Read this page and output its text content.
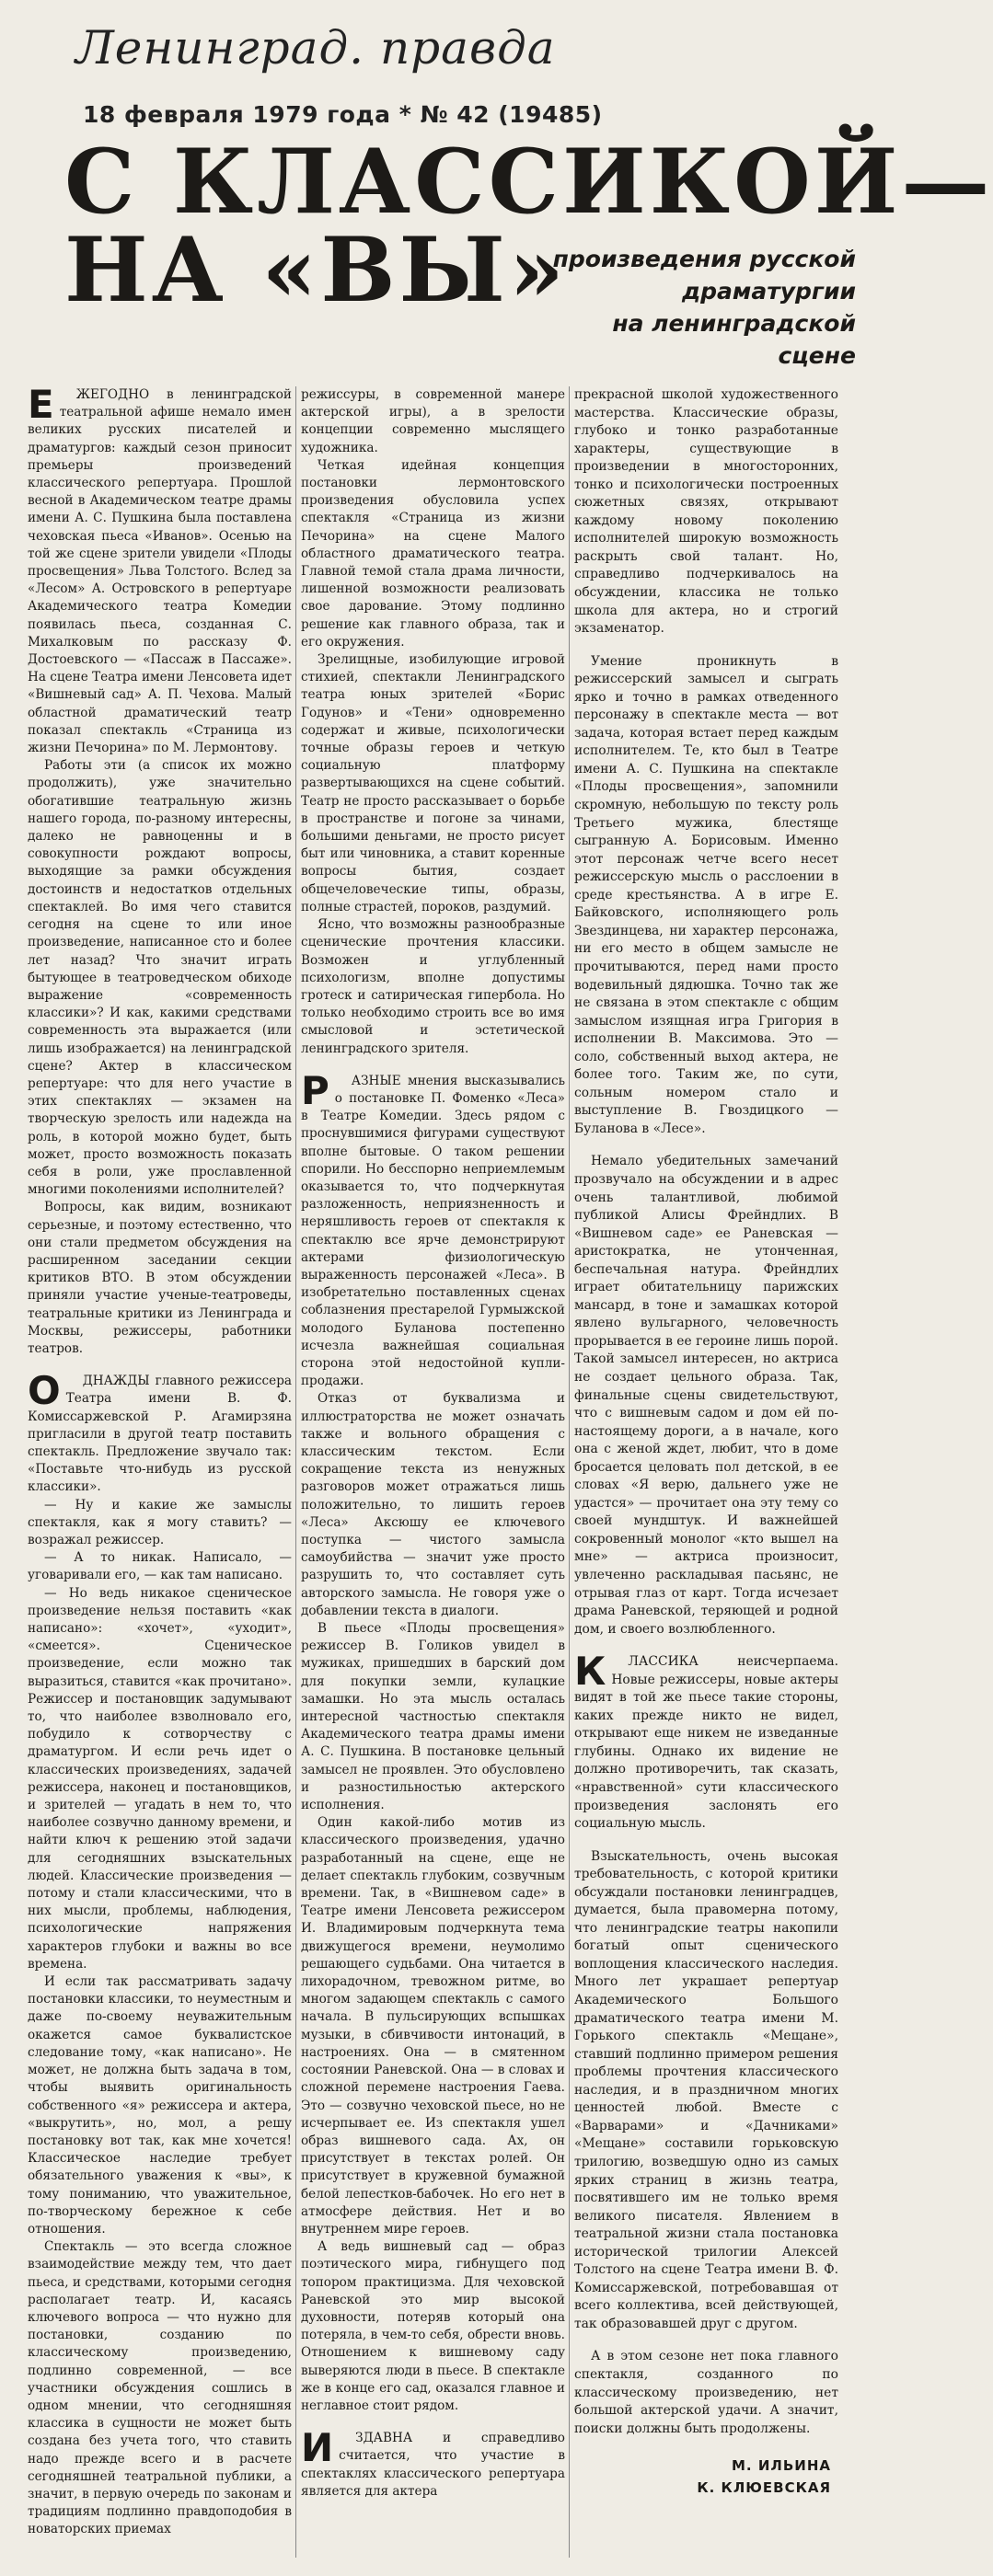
Ленинград. правда
18 февраля 1979 года * № 42 (19485)
С КЛАССИКОЙ—
НА «ВЫ»
произведения русской драматургии
на ленинградской сцене

ЕЖЕГОДНО в ленинградской театральной афише немало имен великих русских писателей и драматургов: каждый сезон приносит премьеры произведений классического репертуара. Прошлой весной в Академическом театре драмы имени А. С. Пушкина была поставлена чеховская пьеса «Иванов». Осенью на той же сцене зрители увидели «Плоды просвещения» Льва Толстого. Вслед за «Лесом» А. Островского в репертуаре Академического театра Комедии появилась пьеса, созданная С. Михалковым по рассказу Ф. Достоевского — «Пассаж в Пассаже». На сцене Театра имени Ленсовета идет «Вишневый сад» А. П. Чехова. Малый областной драматический театр показал спектакль «Страница из жизни Печорина» по М. Лермонтову.

Работы эти (а список их можно продолжить), уже значительно обогатившие театральную жизнь нашего города, по-разному интересны, далеко не равноценны и в совокупности рождают вопросы, выходящие за рамки обсуждения достоинств и недостатков отдельных спектаклей. Во имя чего ставится сегодня на сцене то или иное произведение, написанное сто и более лет назад? Что значит играть бытующее в театроведческом обиходе выражение «современность классики»? И как, какими средствами современность эта выражается (или лишь изображается) на ленинградской сцене? Актер в классическом репертуаре: что для него участие в этих спектаклях — экзамен на творческую зрелость или надежда на роль, в которой можно будет, быть может, просто возможность показать себя в роли, уже прославленной многими поколениями исполнителей?

Вопросы, как видим, возникают серьезные, и поэтому естественно, что они стали предметом обсуждения на расширенном заседании секции критиков ВТО. В этом обсуждении приняли участие ученые-театроведы, театральные критики из Ленинграда и Москвы, режиссеры, работники театров.

ОДНАЖДЫ главного режиссера Театра имени В. Ф. Комиссаржевской Р. Агамирзяна пригласили в другой театр поставить спектакль. Предложение звучало так: «Поставьте что-нибудь из русской классики».

— Ну и какие же замыслы спектакля, как я могу ставить? — возражал режиссер.

— А то никак. Написало, — уговаривали его, — как там написано.

— Но ведь никакое сценическое произведение нельзя поставить «как написано»: «хочет», «уходит», «смеется». Сценическое произведение, если можно так выразиться, ставится «как прочитано». Режиссер и постановщик задумывают то, что наиболее взволновало его, побудило к сотворчеству с драматургом. И если речь идет о классических произведениях, задачей режиссера, наконец и постановщиков, и зрителей — угадать в нем то, что наиболее созвучно данному времени, и найти ключ к решению этой задачи для сегодняшних взыскательных людей. Классические произведения — потому и стали классическими, что в них мысли, проблемы, наблюдения, психологические напряжения характеров глубоки и важны во все времена.

И если так рассматривать задачу постановки классики, то неуместным и даже по-своему неуважительным окажется самое буквалистское следование тому, «как написано». Не может, не должна быть задача в том, чтобы выявить оригинальность собственного «я» режиссера и актера, «выкрутить», но, мол, а решу постановку вот так, как мне хочется! Классическое наследие требует обязательного уважения к «вы», к тому пониманию, что уважительное, по-творческому бережное к себе отношения.

Спектакль — это всегда сложное взаимодействие между тем, что дает пьеса, и средствами, которыми сегодня располагает театр. И, касаясь ключевого вопроса — что нужно для постановки, созданию по классическому произведению, подлинно современной, — все участники обсуждения сошлись в одном мнении, что сегодняшняя классика в сущности не может быть создана без учета того, что ставить надо прежде всего и в расчете сегодняшней театральной публики, а значит, в первую очередь по законам и традициям подлинно правдоподобия в новаторских приемах

режиссуры, в современной манере актерской игры), а в зрелости концепции современно мыслящего художника.

Четкая идейная концепция постановки лермонтовского произведения обусловила успех спектакля «Страница из жизни Печорина» на сцене Малого областного драматического театра. Главной темой стала драма личности, лишенной возможности реализовать свое дарование. Этому подлинно решение как главного образа, так и его окружения.

Зрелищные, изобилующие игровой стихией, спектакли Ленинградского театра юных зрителей «Борис Годунов» и «Тени» одновременно содержат и живые, психологически точные образы героев и четкую социальную платформу развертывающихся на сцене событий. Театр не просто рассказывает о борьбе в пространстве и погоне за чинами, большими деньгами, не просто рисует быт или чиновника, а ставит коренные вопросы бытия, создает общечеловеческие типы, образы, полные страстей, пороков, раздумий.

Ясно, что возможны разнообразные сценические прочтения классики. Возможен и углубленный психологизм, вполне допустимы гротеск и сатирическая гипербола. Но только необходимо строить все во имя смысловой и эстетической ленинградского зрителя.

РАЗНЫЕ мнения высказывались о постановке П. Фоменко «Леса» в Театре Комедии. Здесь рядом с проснувшимися фигурами существуют вполне бытовые. О таком решении спорили. Но бесспорно неприемлемым оказывается то, что подчеркнутая разложенность, неприязненность и неряшливость героев от спектакля к спектаклю все ярче демонстрируют актерами физиологическую выраженность персонажей «Леса». В изобретательно поставленных сценах соблазнения престарелой Гурмыжской молодого Буланова постепенно исчезла важнейшая социальная сторона этой недостойной купли-продажи.

Отказ от буквализма и иллюстраторства не может означать также и вольного обращения с классическим текстом. Если сокращение текста из ненужных разговоров может отражаться лишь положительно, то лишить героев «Леса» Аксюшу ее ключевого поступка — чистого замысла самоубийства — значит уже просто разрушить то, что составляет суть авторского замысла. Не говоря уже о добавлении текста в диалоги.

В пьесе «Плоды просвещения» режиссер В. Голиков увидел в мужиках, пришедших в барский дом для покупки земли, кулацкие замашки. Но эта мысль осталась интересной частностью спектакля Академического театра драмы имени А. С. Пушкина. В постановке цельный замысел не проявлен. Это обусловлено и разностильностью актерского исполнения.

Один какой-либо мотив из классического произведения, удачно разработанный на сцене, еще не делает спектакль глубоким, созвучным времени. Так, в «Вишневом саде» в Театре имени Ленсовета режиссером И. Владимировым подчеркнута тема движущегося времени, неумолимо решающего судьбами. Она читается в лихорадочном, тревожном ритме, во многом задающем спектакль с самого начала. В пульсирующих вспышках музыки, в сбивчивости интонаций, в настроениях. Она — в смятенном состоянии Раневской. Она — в словах и сложной перемене настроения Гаева. Это — созвучно чеховской пьесе, но не исчерпывает ее. Из спектакля ушел образ вишневого сада. Ах, он присутствует в текстах ролей. Он присутствует в кружевной бумажной белой лепестков-бабочек. Но его нет в атмосфере действия. Нет и во внутреннем мире героев.

А ведь вишневый сад — образ поэтического мира, гибнущего под топором практицизма. Для чеховской Раневской это мир высокой духовности, потеряв который она потеряла, в чем-то себя, обрести вновь. Отношением к вишневому саду выверяются люди в пьесе. В спектакле же в конце его сад, оказался главное и неглавное стоит рядом.

ИЗДАВНА и справедливо считается, что участие в спектаклях классического репертуара является для актера

прекрасной школой художественного мастерства. Классические образы, глубоко и тонко разработанные характеры, существующие в произведении в многосторонних, тонко и психологически построенных сюжетных связях, открывают каждому новому поколению исполнителей широкую возможность раскрыть свой талант. Но, справедливо подчеркивалось на обсуждении, классика не только школа для актера, но и строгий экзаменатор.

Умение проникнуть в режиссерский замысел и сыграть ярко и точно в рамках отведенного персонажу в спектакле места — вот задача, которая встает перед каждым исполнителем. Те, кто был в Театре имени А. С. Пушкина на спектакле «Плоды просвещения», запомнили скромную, небольшую по тексту роль Третьего мужика, блестяще сыгранную А. Борисовым. Именно этот персонаж четче всего несет режиссерскую мысль о расслоении в среде крестьянства. А в игре Е. Байковского, исполняющего роль Звездинцева, ни характер персонажа, ни его место в общем замысле не прочитываются, перед нами просто водевильный дядюшка. Точно так же не связана в этом спектакле с общим замыслом изящная игра Григория в исполнении В. Максимова. Это — соло, собственный выход актера, не более того. Таким же, по сути, сольным номером стало и выступление В. Гвоздицкого — Буланова в «Лесе».

Немало убедительных замечаний прозвучало на обсуждении и в адрес очень талантливой, любимой публикой Алисы Фрейндлих. В «Вишневом саде» ее Раневская — аристократка, не утонченная, беспечальная натура. Фрейндлих играет обитательницу парижских мансард, в тоне и замашках которой явлено вульгарного, человечность прорывается в ее героине лишь порой. Такой замысел интересен, но актриса не создает цельного образа. Так, финальные сцены свидетельствуют, что с вишневым садом и дом ей по-настоящему дороги, а в начале, кого она с женой ждет, любит, что в доме бросается целовать пол детской, в ее словах «Я верю, дальнего уже не удастся» — прочитает она эту тему со своей мундштук. И важнейшей сокровенный монолог «кто вышел на мне» — актриса произносит, увлеченно раскладывая пасьянс, не отрывая глаз от карт. Тогда исчезает драма Раневской, теряющей и родной дом, и своего возлюбленного.

КЛАССИКА неисчерпаема. Новые режиссеры, новые актеры видят в той же пьесе такие стороны, каких прежде никто не видел, открывают еще никем не изведанные глубины. Однако их видение не должно противоречить, так сказать, «нравственной» сути классического произведения заслонять его социальную мысль.

Взыскательность, очень высокая требовательность, с которой критики обсуждали постановки ленинградцев, думается, была правомерна потому, что ленинградские театры накопили богатый опыт сценического воплощения классического наследия. Много лет украшает репертуар Академического Большого драматического театра имени М. Горького спектакль «Мещане», ставший подлинно примером решения проблемы прочтения классического наследия, и в праздничном многих ценностей любой. Вместе с «Варварами» и «Дачниками» «Мещане» составили горьковскую трилогию, возведшую одно из самых ярких страниц в жизнь театра, посвятившего им не только время великого писателя. Явлением в театральной жизни стала постановка исторической трилогии Алексей Толстого на сцене Театра имени В. Ф. Комиссаржевской, потребовавшая от всего коллектива, всей действующей, так образовавшей друг с другом.

А в этом сезоне нет пока главного спектакля, созданного по классическому произведению, нет большой актерской удачи. А значит, поиски должны быть продолжены.

М. ИЛЬИНА
К. КЛЮЕВСКАЯ
